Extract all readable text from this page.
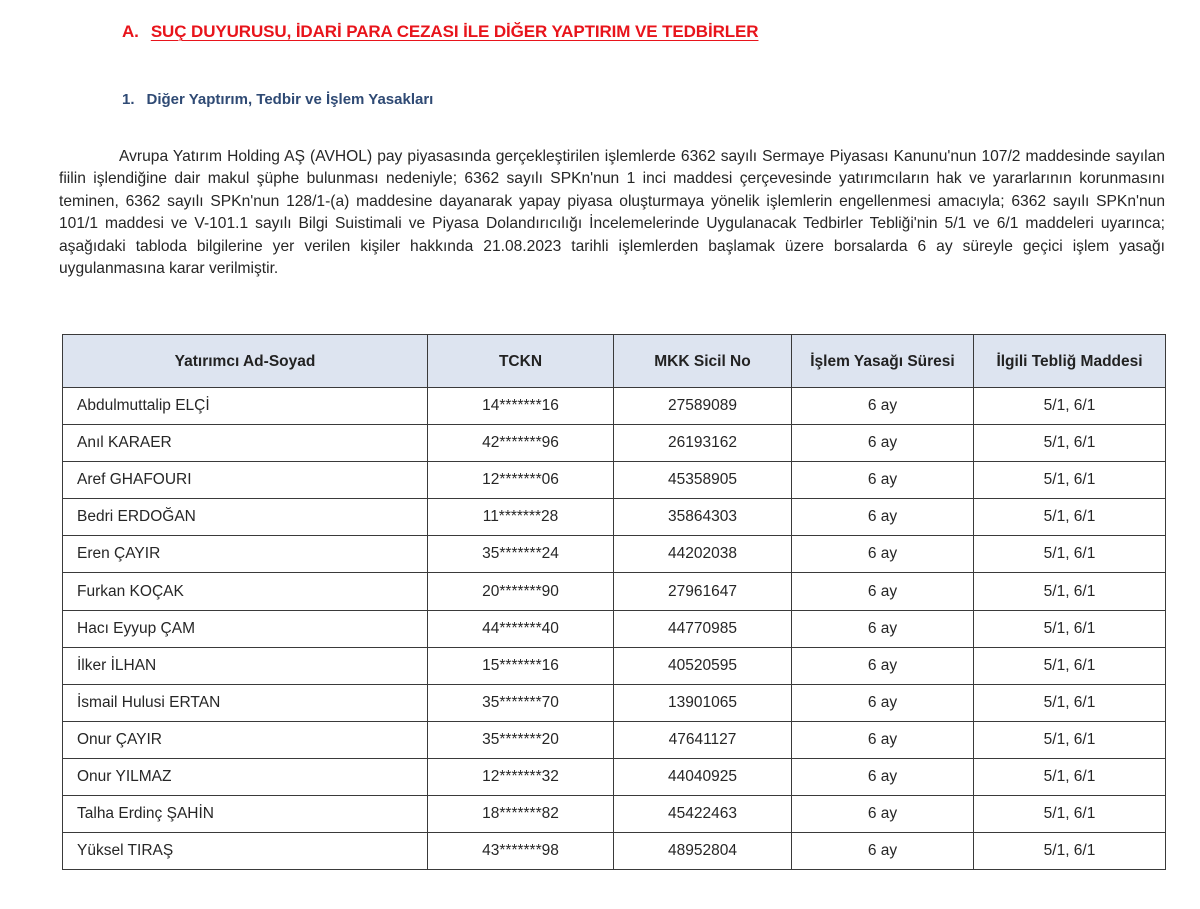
A. SUÇ DUYURUSU, İDARİ PARA CEZASI İLE DİĞER YAPTIRIM VE TEDBİRLER
1. Diğer Yaptırım, Tedbir ve İşlem Yasakları

Avrupa Yatırım Holding AŞ (AVHOL) pay piyasasında gerçekleştirilen işlemlerde 6362 sayılı Sermaye Piyasası Kanunu'nun 107/2 maddesinde sayılan fiilin işlendiğine dair makul şüphe bulunması nedeniyle; 6362 sayılı SPKn'nun 1 inci maddesi çerçevesinde yatırımcıların hak ve yararlarının korunmasını teminen, 6362 sayılı SPKn'nun 128/1-(a) maddesine dayanarak yapay piyasa oluşturmaya yönelik işlemlerin engellenmesi amacıyla; 6362 sayılı SPKn'nun 101/1 maddesi ve V-101.1 sayılı Bilgi Suistimali ve Piyasa Dolandırıcılığı İncelemelerinde Uygulanacak Tedbirler Tebliği'nin 5/1 ve 6/1 maddeleri uyarınca; aşağıdaki tabloda bilgilerine yer verilen kişiler hakkında 21.08.2023 tarihli işlemlerden başlamak üzere borsalarda 6 ay süreyle geçici işlem yasağı uygulanmasına karar verilmiştir.

Yatırımcı Ad-Soyad	TCKN	MKK Sicil No	İşlem Yasağı Süresi	İlgili Tebliğ Maddesi
Abdulmuttalip ELÇİ	14*******16	27589089	6 ay	5/1, 6/1
Anıl KARAER	42*******96	26193162	6 ay	5/1, 6/1
Aref GHAFOURI	12*******06	45358905	6 ay	5/1, 6/1
Bedri ERDOĞAN	11*******28	35864303	6 ay	5/1, 6/1
Eren ÇAYIR	35*******24	44202038	6 ay	5/1, 6/1
Furkan KOÇAK	20*******90	27961647	6 ay	5/1, 6/1
Hacı Eyyup ÇAM	44*******40	44770985	6 ay	5/1, 6/1
İlker İLHAN	15*******16	40520595	6 ay	5/1, 6/1
İsmail Hulusi ERTAN	35*******70	13901065	6 ay	5/1, 6/1
Onur ÇAYIR	35*******20	47641127	6 ay	5/1, 6/1
Onur YILMAZ	12*******32	44040925	6 ay	5/1, 6/1
Talha Erdinç ŞAHİN	18*******82	45422463	6 ay	5/1, 6/1
Yüksel TIRAŞ	43*******98	48952804	6 ay	5/1, 6/1
